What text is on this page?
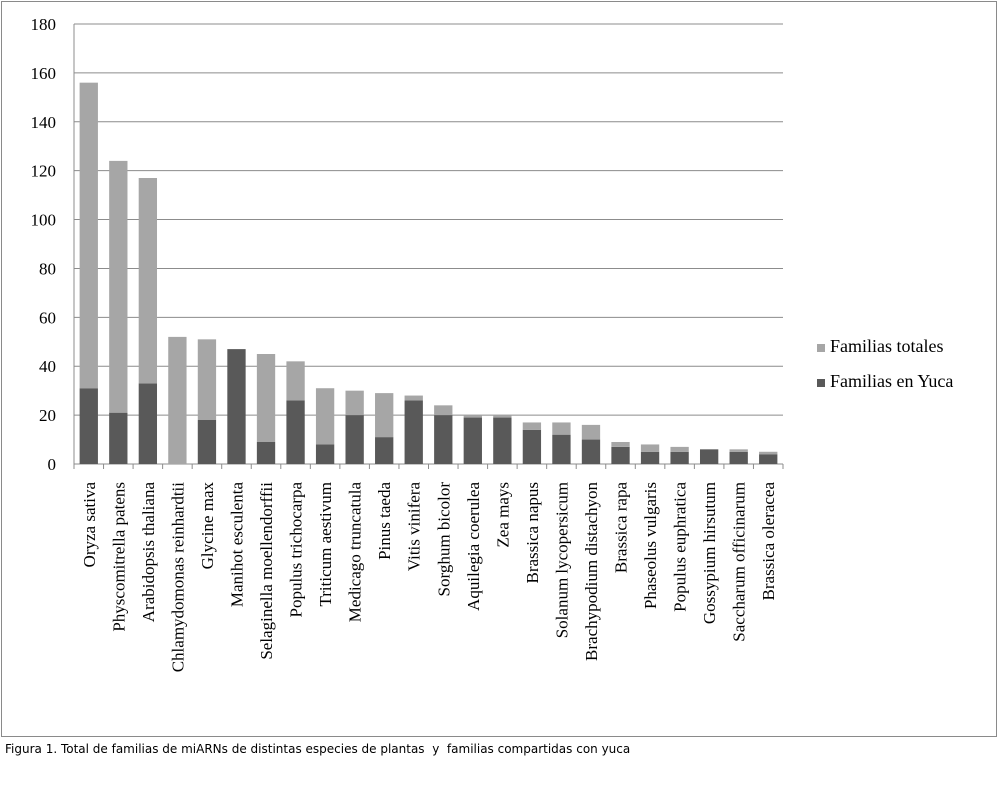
0
20
40
60
80
100
120
140
160
180
Oryza sativa Physcomitrella patens Arabidopsis thaliana Chlamydomonas reinhardtii Glycine max Manihot esculenta Selaginella moellendorffii Populus trichocarpa Triticum aestivum Medicago truncatula Pinus taeda Vitis vinifera Sorghum bicolor Aquilegia coerulea Zea mays Brassica napus Solanum lycopersicum Brachypodium distachyon Brassica rapa Phaseolus vulgaris Populus euphratica Gossypium hirsutum Saccharum officinarum Brassica oleracea
Familias totales
Familias en Yuca
Figura 1. Total de familias de miARNs de distintas especies de plantas  y  familias compartidas con yuca
